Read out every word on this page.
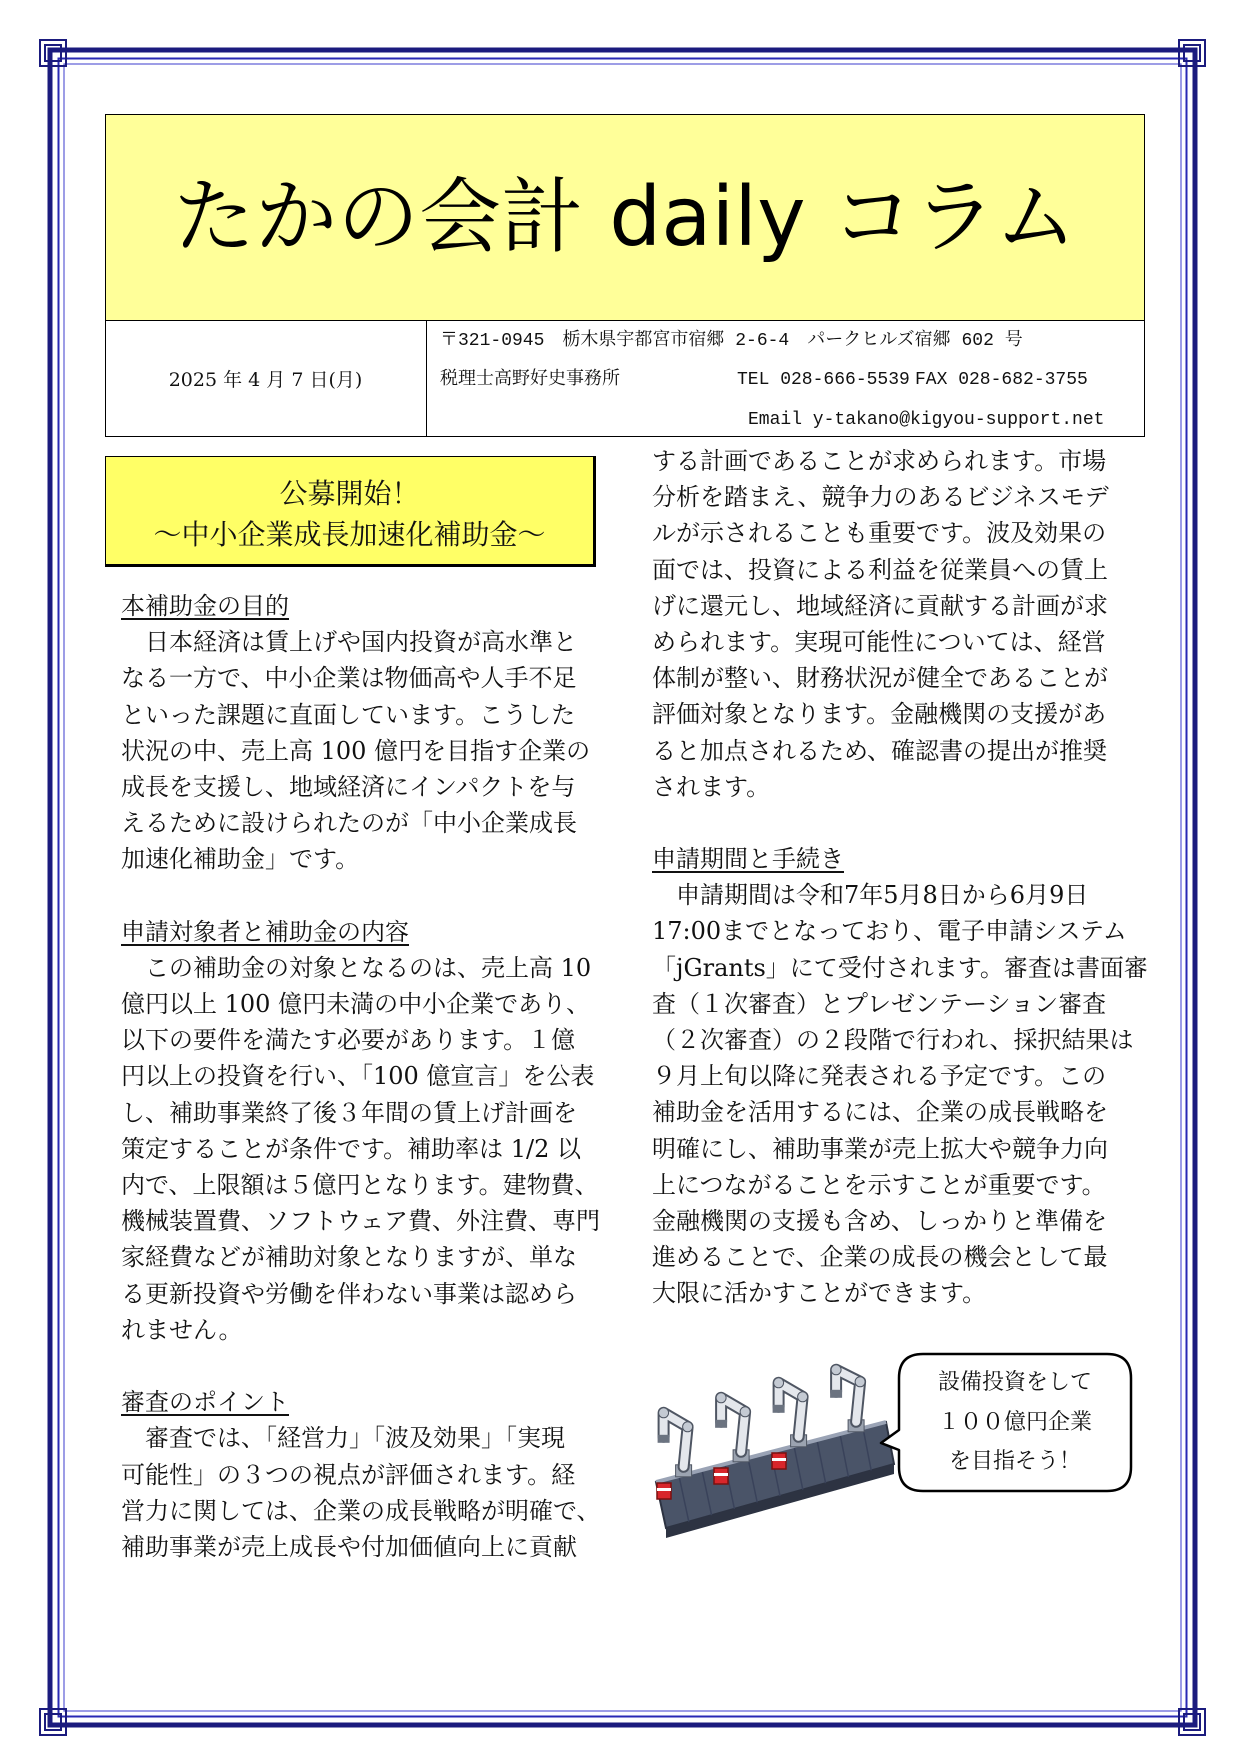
たかの会計 daily コラム
2025 年 4 月 7 日(月)
〒321-0945　栃木県宇都宮市宿郷 2-6-4　パークヒルズ宿郷 602 号
税理士高野好史事務所	TEL 028-666-5539 FAX 028-682-3755
Email y-takano@kigyou-support.net
公募開始！
～中小企業成長加速化補助金～
本補助金の目的
　日本経済は賃上げや国内投資が高水準と
なる一方で、中小企業は物価高や人手不足
といった課題に直面しています。こうした
状況の中、売上高 100 億円を目指す企業の
成長を支援し、地域経済にインパクトを与
えるために設けられたのが「中小企業成長
加速化補助金」です。
申請対象者と補助金の内容
　この補助金の対象となるのは、売上高 10
億円以上 100 億円未満の中小企業であり、
以下の要件を満たす必要があります。１億
円以上の投資を行い、「100 億宣言」を公表
し、補助事業終了後３年間の賃上げ計画を
策定することが条件です。補助率は 1/2 以
内で、上限額は５億円となります。建物費、
機械装置費、ソフトウェア費、外注費、専門
家経費などが補助対象となりますが、単な
る更新投資や労働を伴わない事業は認めら
れません。
審査のポイント
　審査では、「経営力」「波及効果」「実現
可能性」の３つの視点が評価されます。経
営力に関しては、企業の成長戦略が明確で、
補助事業が売上成長や付加価値向上に貢献
する計画であることが求められます。市場
分析を踏まえ、競争力のあるビジネスモデ
ルが示されることも重要です。波及効果の
面では、投資による利益を従業員への賃上
げに還元し、地域経済に貢献する計画が求
められます。実現可能性については、経営
体制が整い、財務状況が健全であることが
評価対象となります。金融機関の支援があ
ると加点されるため、確認書の提出が推奨
されます。
申請期間と手続き
　申請期間は令和7年5月8日から6月9日
17:00までとなっており、電子申請システム
「jGrants」にて受付されます。審査は書面審
査（１次審査）とプレゼンテーション審査
（２次審査）の２段階で行われ、採択結果は
９月上旬以降に発表される予定です。この
補助金を活用するには、企業の成長戦略を
明確にし、補助事業が売上拡大や競争力向
上につながることを示すことが重要です。
金融機関の支援も含め、しっかりと準備を
進めることで、企業の成長の機会として最
大限に活かすことができます。
設備投資をして
１００億円企業
を目指そう！
